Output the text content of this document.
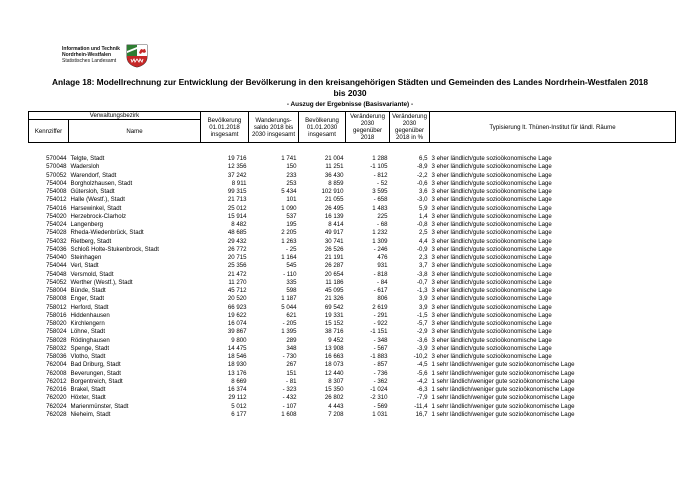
Information und Technik
Nordrhein-Westfalen
Statistisches Landesamt
Anlage 18: Modellrechnung zur Entwicklung der Bevölkerung in den kreisangehörigen Städten und Gemeinden des Landes Nordrhein-Westfalen 2018
bis 2030
- Auszug der Ergebnisse (Basisvariante) -
Verwaltungsbezirk		Bevölkerung 01.01.2018 insgesamt	Wanderungs-saldo 2018 bis 2030 insgesamt	Bevölkerung 01.01.2030 insgesamt	Veränderung 2030 gegenüber 2018	Veränderung 2030 gegenüber 2018 in %	Typisierung lt. Thünen-Institut für ländl. Räume
Kennziffer	Name						

570044	Telgte, Stadt	19 716	1 741	21 004	1 288	6,5	3 eher ländlich/gute sozioökonomische Lage
570048	Wadersloh	12 356	150	11 251	-1 105	-8,9	3 eher ländlich/gute sozioökonomische Lage
570052	Warendorf, Stadt	37 242	233	36 430	- 812	-2,2	3 eher ländlich/gute sozioökonomische Lage
754004	Borgholzhausen, Stadt	8 911	253	8 859	- 52	-0,6	3 eher ländlich/gute sozioökonomische Lage
754008	Gütersloh, Stadt	99 315	5 434	102 910	3 595	3,6	3 eher ländlich/gute sozioökonomische Lage
754012	Halle (Westf.), Stadt	21 713	101	21 055	- 658	-3,0	3 eher ländlich/gute sozioökonomische Lage
754016	Harsewinkel, Stadt	25 012	1 090	26 495	1 483	5,9	3 eher ländlich/gute sozioökonomische Lage
754020	Herzebrock-Clarholz	15 914	537	16 139	225	1,4	3 eher ländlich/gute sozioökonomische Lage
754024	Langenberg	8 482	195	8 414	- 68	-0,8	3 eher ländlich/gute sozioökonomische Lage
754028	Rheda-Wiedenbrück, Stadt	48 685	2 205	49 917	1 232	2,5	3 eher ländlich/gute sozioökonomische Lage
754032	Rietberg, Stadt	29 432	1 263	30 741	1 309	4,4	3 eher ländlich/gute sozioökonomische Lage
754036	Schloß Holte-Stukenbrock, Stadt	26 772	- 25	26 526	- 246	-0,9	3 eher ländlich/gute sozioökonomische Lage
754040	Steinhagen	20 715	1 164	21 191	476	2,3	3 eher ländlich/gute sozioökonomische Lage
754044	Verl, Stadt	25 356	545	26 287	931	3,7	3 eher ländlich/gute sozioökonomische Lage
754048	Versmold, Stadt	21 472	- 110	20 654	- 818	-3,8	3 eher ländlich/gute sozioökonomische Lage
754052	Werther (Westf.), Stadt	11 270	335	11 186	- 84	-0,7	3 eher ländlich/gute sozioökonomische Lage
758004	Bünde, Stadt	45 712	598	45 095	- 617	-1,3	3 eher ländlich/gute sozioökonomische Lage
758008	Enger, Stadt	20 520	1 187	21 326	806	3,9	3 eher ländlich/gute sozioökonomische Lage
758012	Herford, Stadt	66 923	5 044	69 542	2 619	3,9	3 eher ländlich/gute sozioökonomische Lage
758016	Hiddenhausen	19 622	621	19 331	- 291	-1,5	3 eher ländlich/gute sozioökonomische Lage
758020	Kirchlengern	16 074	- 205	15 152	- 922	-5,7	3 eher ländlich/gute sozioökonomische Lage
758024	Löhne, Stadt	39 867	1 395	38 716	-1 151	-2,9	3 eher ländlich/gute sozioökonomische Lage
758028	Rödinghausen	9 800	289	9 452	- 348	-3,6	3 eher ländlich/gute sozioökonomische Lage
758032	Spenge, Stadt	14 475	348	13 908	- 567	-3,9	3 eher ländlich/gute sozioökonomische Lage
758036	Vlotho, Stadt	18 546	- 730	16 663	-1 883	-10,2	3 eher ländlich/gute sozioökonomische Lage
762004	Bad Driburg, Stadt	18 930	267	18 073	- 857	-4,5	1 sehr ländlich/weniger gute sozioökonomische Lage
762008	Beverungen, Stadt	13 176	151	12 440	- 736	-5,6	1 sehr ländlich/weniger gute sozioökonomische Lage
762012	Borgentreich, Stadt	8 669	- 81	8 307	- 362	-4,2	1 sehr ländlich/weniger gute sozioökonomische Lage
762016	Brakel, Stadt	16 374	- 323	15 350	-1 024	-6,3	1 sehr ländlich/weniger gute sozioökonomische Lage
762020	Höxter, Stadt	29 112	- 432	26 802	-2 310	-7,9	1 sehr ländlich/weniger gute sozioökonomische Lage
762024	Marienmünster, Stadt	5 012	- 107	4 443	- 569	-11,4	1 sehr ländlich/weniger gute sozioökonomische Lage
762028	Nieheim, Stadt	6 177	1 608	7 208	1 031	16,7	1 sehr ländlich/weniger gute sozioökonomische Lage
